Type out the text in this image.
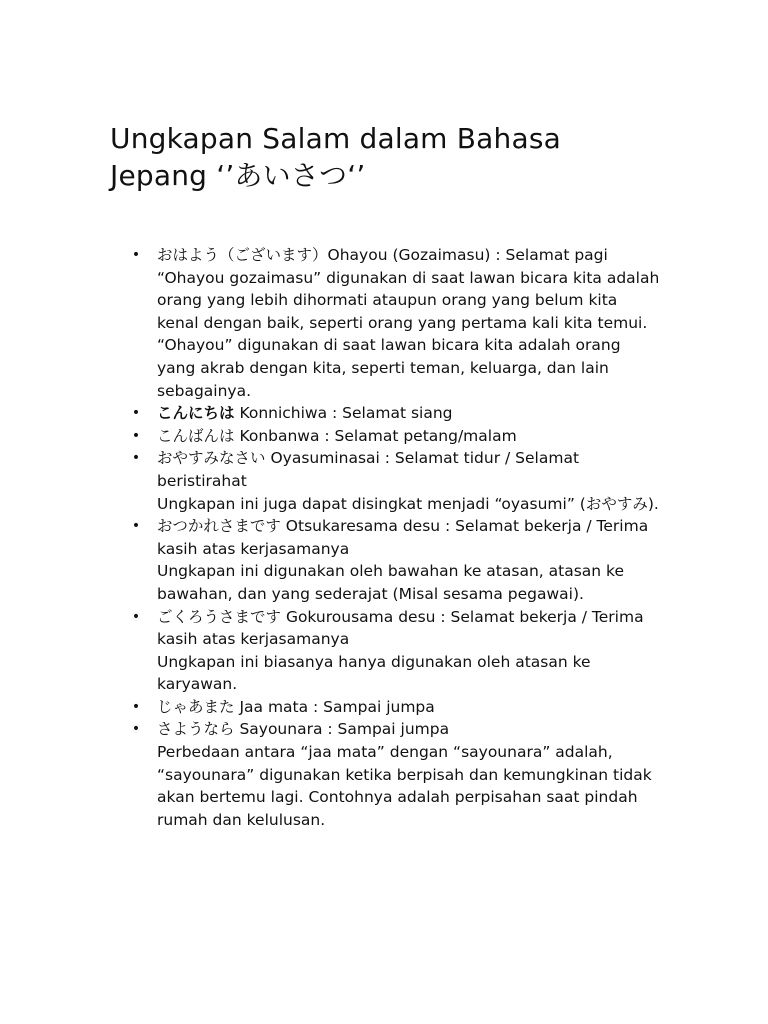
Ungkapan Salam dalam Bahasa
Jepang ‘’あいさつ‘’
• おはよう（ございます）Ohayou (Gozaimasu) : Selamat pagi
“Ohayou gozaimasu” digunakan di saat lawan bicara kita adalah orang yang lebih dihormati ataupun orang yang belum kita kenal dengan baik, seperti orang yang pertama kali kita temui.
“Ohayou” digunakan di saat lawan bicara kita adalah orang yang akrab dengan kita, seperti teman, keluarga, dan lain sebagainya.
• こんにちは Konnichiwa : Selamat siang
• こんばんは Konbanwa : Selamat petang/malam
• おやすみなさい Oyasuminasai : Selamat tidur / Selamat beristirahat
Ungkapan ini juga dapat disingkat menjadi “oyasumi” (おやすみ).
• おつかれさまです Otsukaresama desu : Selamat bekerja / Terima kasih atas kerjasamanya
Ungkapan ini digunakan oleh bawahan ke atasan, atasan ke bawahan, dan yang sederajat (Misal sesama pegawai).
• ごくろうさまです Gokurousama desu : Selamat bekerja / Terima kasih atas kerjasamanya
Ungkapan ini biasanya hanya digunakan oleh atasan ke karyawan.
• じゃあまた Jaa mata : Sampai jumpa
• さようなら Sayounara : Sampai jumpa
Perbedaan antara “jaa mata” dengan “sayounara” adalah, “sayounara” digunakan ketika berpisah dan kemungkinan tidak akan bertemu lagi. Contohnya adalah perpisahan saat pindah rumah dan kelulusan.
